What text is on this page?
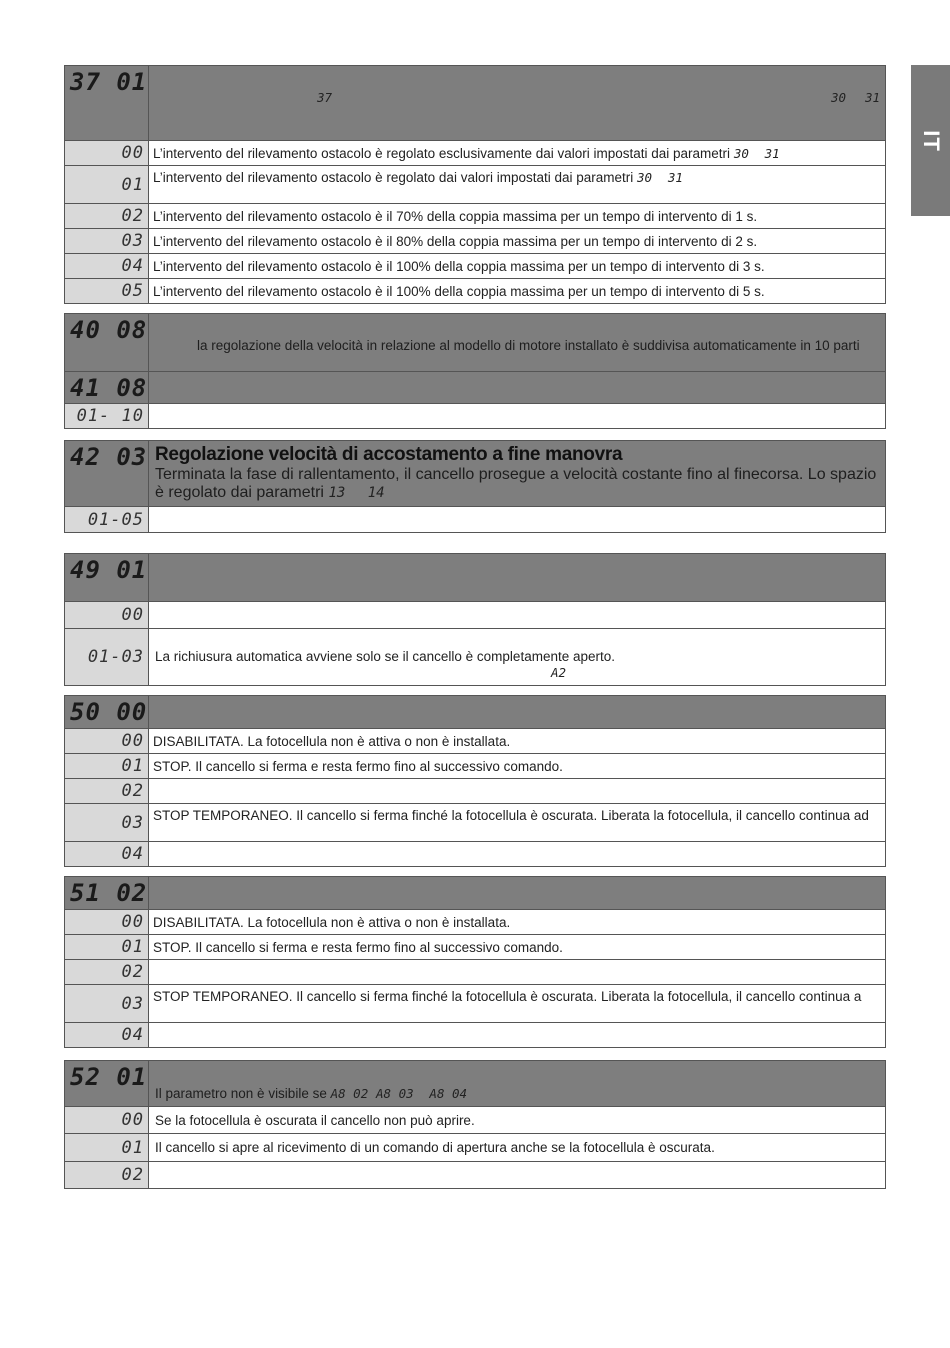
IT
37 01	37 30 31

00	L’intervento del rilevamento ostacolo è regolato esclusivamente dai valori impostati dai parametri 30 31
01	L’intervento del rilevamento ostacolo è regolato dai valori impostati dai parametri 30 31
02	L’intervento del rilevamento ostacolo è il 70% della coppia massima per un tempo di intervento di 1 s.
03	L’intervento del rilevamento ostacolo è il 80% della coppia massima per un tempo di intervento di 2 s.
04	L’intervento del rilevamento ostacolo è il 100% della coppia massima per un tempo di intervento di 3 s.
05	L’intervento del rilevamento ostacolo è il 100% della coppia massima per un tempo di intervento di 5 s.
40 08	la regolazione della velocità in relazione al modello di motore installato è suddivisa automaticamente in 10 parti

41 08	

01- 10	
42 03	Regolazione velocità di accostamento a fine manovra
Terminata la fase di rallentamento, il cancello prosegue a velocità costante fino al finecorsa. Lo spazio
è regolato dai parametri 13 14

01-05	
49 01	

00	
01-03	La richiusura automatica avviene solo se il cancello è completamente aperto.
A2
50 00	

00	DISABILITATA. La fotocellula non è attiva o non è installata.
01	STOP. Il cancello si ferma e resta fermo fino al successivo comando.
02	
03	STOP TEMPORANEO. Il cancello si ferma finché la fotocellula è oscurata. Liberata la fotocellula, il cancello continua ad
04	
51 02	

00	DISABILITATA. La fotocellula non è attiva o non è installata.
01	STOP. Il cancello si ferma e resta fermo fino al successivo comando.
02	
03	STOP TEMPORANEO. Il cancello si ferma finché la fotocellula è oscurata. Liberata la fotocellula, il cancello continua a
04	
52 01	Il parametro non è visibile se A8 02 A8 03 A8 04

00	Se la fotocellula è oscurata il cancello non può aprire.
01	Il cancello si apre al ricevimento di un comando di apertura anche se la fotocellula è oscurata.
02	
